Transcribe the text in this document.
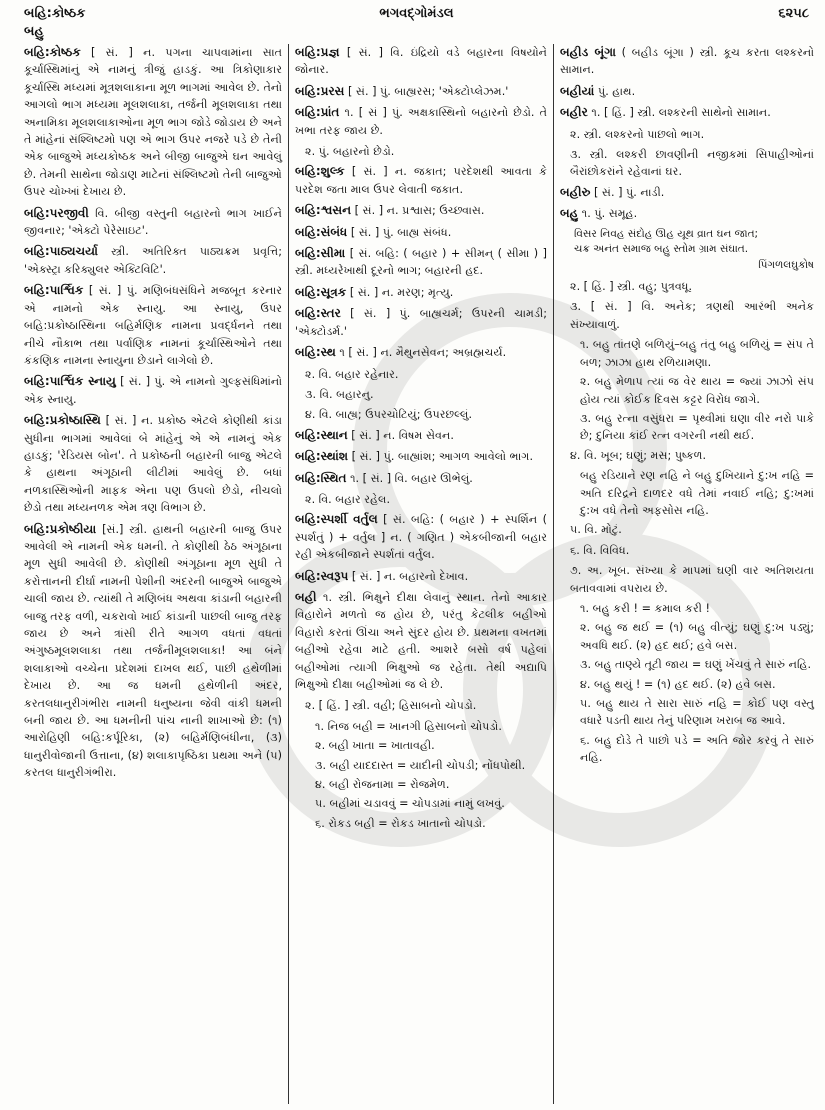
બહિ:કોષ્ઠક
બહુ
ભગવદ્ગોમંડલ	૬૨૫૮
બહિ:કોષ્ઠક [ સં. ] ન. પગના ચાપવામાંના સાત કૂર્ચાસ્થિમાંનું એ નામનું ત્રીજું હાડકું. આ ત્રિકોણાકાર કૂર્ચાસ્થિ મધ્યમાં મૂત્રશલાકાના મૂળ ભાગમાં આવેલ છે. તેનો આગલો ભાગ મધ્યમા મૂલશલાકા, તર્જની મૂલશલાકા તથા અનામિકા મૂલશલાકાઓના મૂળ ભાગ જોડે જોડાય છે અને તે માંહેનાં સંશ્લિષ્ટમો પણ એ ભાગ ઉપર નજરે પડે છે તેની એક બાજુએ મધ્યકોષ્ઠક અને બીજી બાજુએ ઘન આવેલું છે. તેમની સાથેના જોડાણ માટેનાં સંશ્લિષ્ટમો તેની બાજુઓ ઉપર ચોખ્ખાં દેખાય છે.
બહિ:પરજીવી વિ. બીજી વસ્તુની બહારનો ભાગ ખાઈને જીવનાર; 'એક્ટો પેરેસાઇટ'.
બહિ:પાઠ્યચર્યા સ્ત્રી. અતિરિક્ત પાઠ્યક્રમ પ્રવૃત્તિ; 'એક્સ્ટ્રા કરિક્યુલર એક્ટિવિટિ'.
બહિ:પાર્શ્વિક [ સં. ] પું. મણિબંધસંધિને મજબૂત કરનાર એ નામનો એક સ્નાયુ. આ સ્નાયુ, ઉપર બહિ:પ્રકોષ્ઠાસ્થિના બહિર્મણિક નામના પ્રવર્દ્ધનને તથા નીચે નૌકાભ તથા પર્વાણિક નામનાં કૂર્ચાસ્થિઓને તથા કંકણિક નામના સ્નાયુના છેડાને લાગેલો છે.
બહિ:પાર્શ્વિક સ્નાયુ [ સં. ] પું. એ નામનો ગુલ્ફસંધિમાંનો એક સ્નાયુ.
બહિ:પ્રકોષ્ઠાસ્થિ [ સં. ] ન. પ્રકોષ્ઠ એટલે કોણીથી કાંડા સુધીના ભાગમાં આવેલાં બે માંહેનું એ એ નામનું એક હાડકું; 'રેડિયસ બોન'. તે પ્રકોષ્ઠની બહારની બાજુ એટલે કે હાથના અંગૂઠાની લીટીમાં આવેલું છે. બધાં નળકાસ્થિઓની માફક એના પણ ઉપલો છેડો, નીચલો છેડો તથા મધ્યનળક એમ ત્રણ વિભાગ છે.
બહિ:પ્રકોષ્ઠીયા [સં.] સ્ત્રી. હાથની બહારની બાજુ ઉપર આવેલી એ નામની એક ધમની. તે કોણીથી ઠેઠ અંગૂઠાના મૂળ સુધી આવેલી છે. કોણીથી અંગૂઠાના મૂળ સુધી તે કરોત્તાનની દીર્ઘા નામની પેશીની અંદરની બાજુએ બાજુએ ચાલી જાય છે. ત્યાંથી તે મણિબંધ અથવા કાંડાની બહારની બાજુ તરફ વળી, ચકરાવો ખાઈ કાંડાની પાછલી બાજુ તરફ જાય છે અને ત્રાંસી રીતે આગળ વધતાં વધતાં અંગુષ્ઠમૂલશલાકા તથા તર્જનીમૂલશલાકા! આ બંને શલાકાઓ વચ્ચેના પ્રદેશમાં દાખલ થઈ, પાછી હથેળીમાં દેખાય છે. આ જ ધમની હથેળીની અંદર, કરતલધાનુરીગંભીરા નામની ધનુષ્યના જેવી વાંકી ધમની બની જાય છે. આ ધમનીની પાંચ નાની શાખાઓ છે: (૧) આરોહિણી બહિ:કર્પૂરિકા, (૨) બહિર્મણિબંધીના, (૩) ધાનુરીવોજાની ઉત્તાના, (૪) શલાકાપૃષ્ઠિકા પ્રથમા અને (૫) કરતલ ધાનુરીગંભીરા.
બહિ:પ્રજ્ઞ [ સં. ] વિ. ઇંદ્રિયો વડે બહારના વિષયોને જોનાર.
બહિ:પ્રરસ [ સં. ] પું. બાહ્યરસ; 'એક્ટોપ્લેઝમ.'
બહિ:પ્રાંત ૧. [ સં ] પું. અક્ષકાસ્થિનો બહારનો છેડો. તે ખભા તરફ જાય છે.
૨. પું. બહારનો છેડો.
બહિ:શુલ્ક [ સં. ] ન. જકાત; પરદેશથી આવતા કે પરદેશ જતા માલ ઉપર લેવાતી જકાત.
બહિ:શ્વસન [ સં. ] ન. પ્રશ્વાસ; ઉચ્છ્વાસ.
બહિ:સંબંધ [ સં. ] પું. બાહ્ય સંબંધ.
બહિ:સીમા [ સં. બહિ: ( બહાર ) + સીમન્ ( સીમા ) ] સ્ત્રી. મધ્યરેખાથી દૂરનો ભાગ; બહારની હદ.
બહિ:સૂત્રક [ સં. ] ન. મરણ; મૃત્યુ.
બહિ:સ્તર [ સં. ] પું. બાહ્યચર્મ; ઉપરની ચામડી; 'એક્ટોડર્મ.'
બહિ:સ્થ ૧ [ સં. ] ન. મૈથુનસેવન; અબ્રહ્મચર્ય.
૨. વિ. બહાર રહેનાર.
૩. વિ. બહારનુ.
૪. વિ. બાહ્ય; ઉપરચોટિયું; ઉપરછલ્લું.
બહિ:સ્થાન [ સં. ] ન. વિષમ સેવન.
બહિ:સ્થાંશ [ સં. ] પું. બાહ્યાંશ; આગળ આવેલો ભાગ.
બહિ:સ્થિત ૧. [ સં. ] વિ. બહાર ઊભેલું.
૨. વિ. બહાર રહેલ.
બહિ:સ્પર્શી વર્તુલ [ સં. બહિ: ( બહાર ) + સ્પર્શિન ( સ્પર્શતું ) + વર્તુલ ] ન. ( ગણિત ) એકબીજાની બહાર રહી એકબીજાને સ્પર્શતાં વર્તુલ.
બહિ:સ્વરૂપ [ સં. ] ન. બહારનો દેખાવ.
બહી ૧. સ્ત્રી. ભિક્ષુને દીક્ષા લેવાનું સ્થાન. તેનો આકાર વિહારોને મળતો જ હોય છે, પરંતુ કેટલીક બહીઓ વિહારો કરતાં ઊંચા અને સુંદર હોય છે. પ્રથમના વખતમાં બહીઓ રહેવા માટે હતી. આશરે બસો વર્ષ પહેલાં બહીઓમાં ત્યાગી ભિક્ષુઓ જ રહેતા. તેથી અદ્યાપિ ભિક્ષુઓ દીક્ષા બહીઓમાં જ લે છે.
૨. [ હિં. ] સ્ત્રી. વહી; હિસાબનો ચોપડો.
૧. નિજ બહી = ખાનગી હિસાબનો ચોપડો.
૨. બહી ખાતા = ખાતાવહી.
૩. બહી યાદદાસ્ત = યાદીની ચોપડી; નોંધપોથી.
૪. બહી રોજનામા = રોજમેળ.
૫. બહીમાં ચડાવવું = ચોપડામાં નામું લખવું.
૬. રોકડ બહી = રોકડ ખાતાનો ચોપડો.
બહીડ બૂંગા ( બહીડ બૂંગા ) સ્ત્રી. કૂચ કરતા લશ્કરનો સામાન.
બહીયાં પું. હાથ.
બહીર ૧. [ હિં. ] સ્ત્રી. લશ્કરની સાથેનો સામાન.
૨. સ્ત્રી. લશ્કરનો પાછલો ભાગ.
૩. સ્ત્રી. લશ્કરી છાવણીની નજીકમાં સિપાહીઓનાં બૈરાંછોકરાંને રહેવાનાં ઘર.
બહીરુ [ સં. ] પું. નાડી.
બહુ ૧. પું. સમૂહ.
વિસર નિવહ સંદોહ ઊહ યૂથ વ્રાત ઘન જાત;
ચક્ર અનંત સમાજ બહુ સ્તોમ ગ્રામ સંઘાત.
પિંગળલઘુકોષ
૨. [ હિં. ] સ્ત્રી. વહુ; પુત્રવધૂ.
૩. [ સં. ] વિ. અનેક; ત્રણથી આરંભી અનેક સંખ્યાવાળું.
૧. બહુ તાંતણે બળિયું–બહુ તંતુ બહુ બળિયું = સંપ તે બળ; ઝાઝા હાથ રળિયામણા.
૨. બહુ મેળાપ ત્યાં જ વેર થાય = જ્યાં ઝાઝો સંપ હોય ત્યાં કોઈક દિવસ કટ્ટર વિરોધ જાગે.
૩. બહુ રત્ના વસુંધરા = પૃથ્વીમાં ઘણા વીર નરો પાકે છે; દુનિયા કાંઈ રત્ન વગરની નથી થઈ.
૪. વિ. ખૂબ; ઘણું; મસ; પુષ્કળ.
બહુ રડિયાને રણ નહિ ને બહુ દુખિયાને દુ:ખ નહિ = અતિ દરિદ્રને દાળદર વધે તેમાં નવાઈ નહિ; દુ:ખમાં દુ:ખ વધે તેનો અફસોસ નહિ.
૫. વિ. મોટું.
૬. વિ. વિવિધ.
૭. અ. ખૂબ. સંખ્યા કે માપમાં ઘણી વાર અતિશયતા બતાવવામાં વપરાય છે.
૧. બહુ કરી ! = કમાલ કરી !
૨. બહુ જ થઈ = (૧) બહુ વીત્યું; ઘણું દુ:ખ પડ્યું; અવધિ થઈ. (૨) હદ થઈ; હવે બસ.
૩. બહુ તાણ્યે તૂટી જાય = ઘણું ખેંચવું તે સારું નહિ.
૪. બહુ થયું ! = (૧) હદ થઈ. (૨) હવે બસ.
૫. બહુ થાય તે સારા સારું નહિ = કોઈ પણ વસ્તુ વધારે પડતી થાય તેનું પરિણામ ખરાબ જ આવે.
૬. બહુ દોડે તે પાછો પડે = અતિ જોર કરવું તે સારું નહિ.
